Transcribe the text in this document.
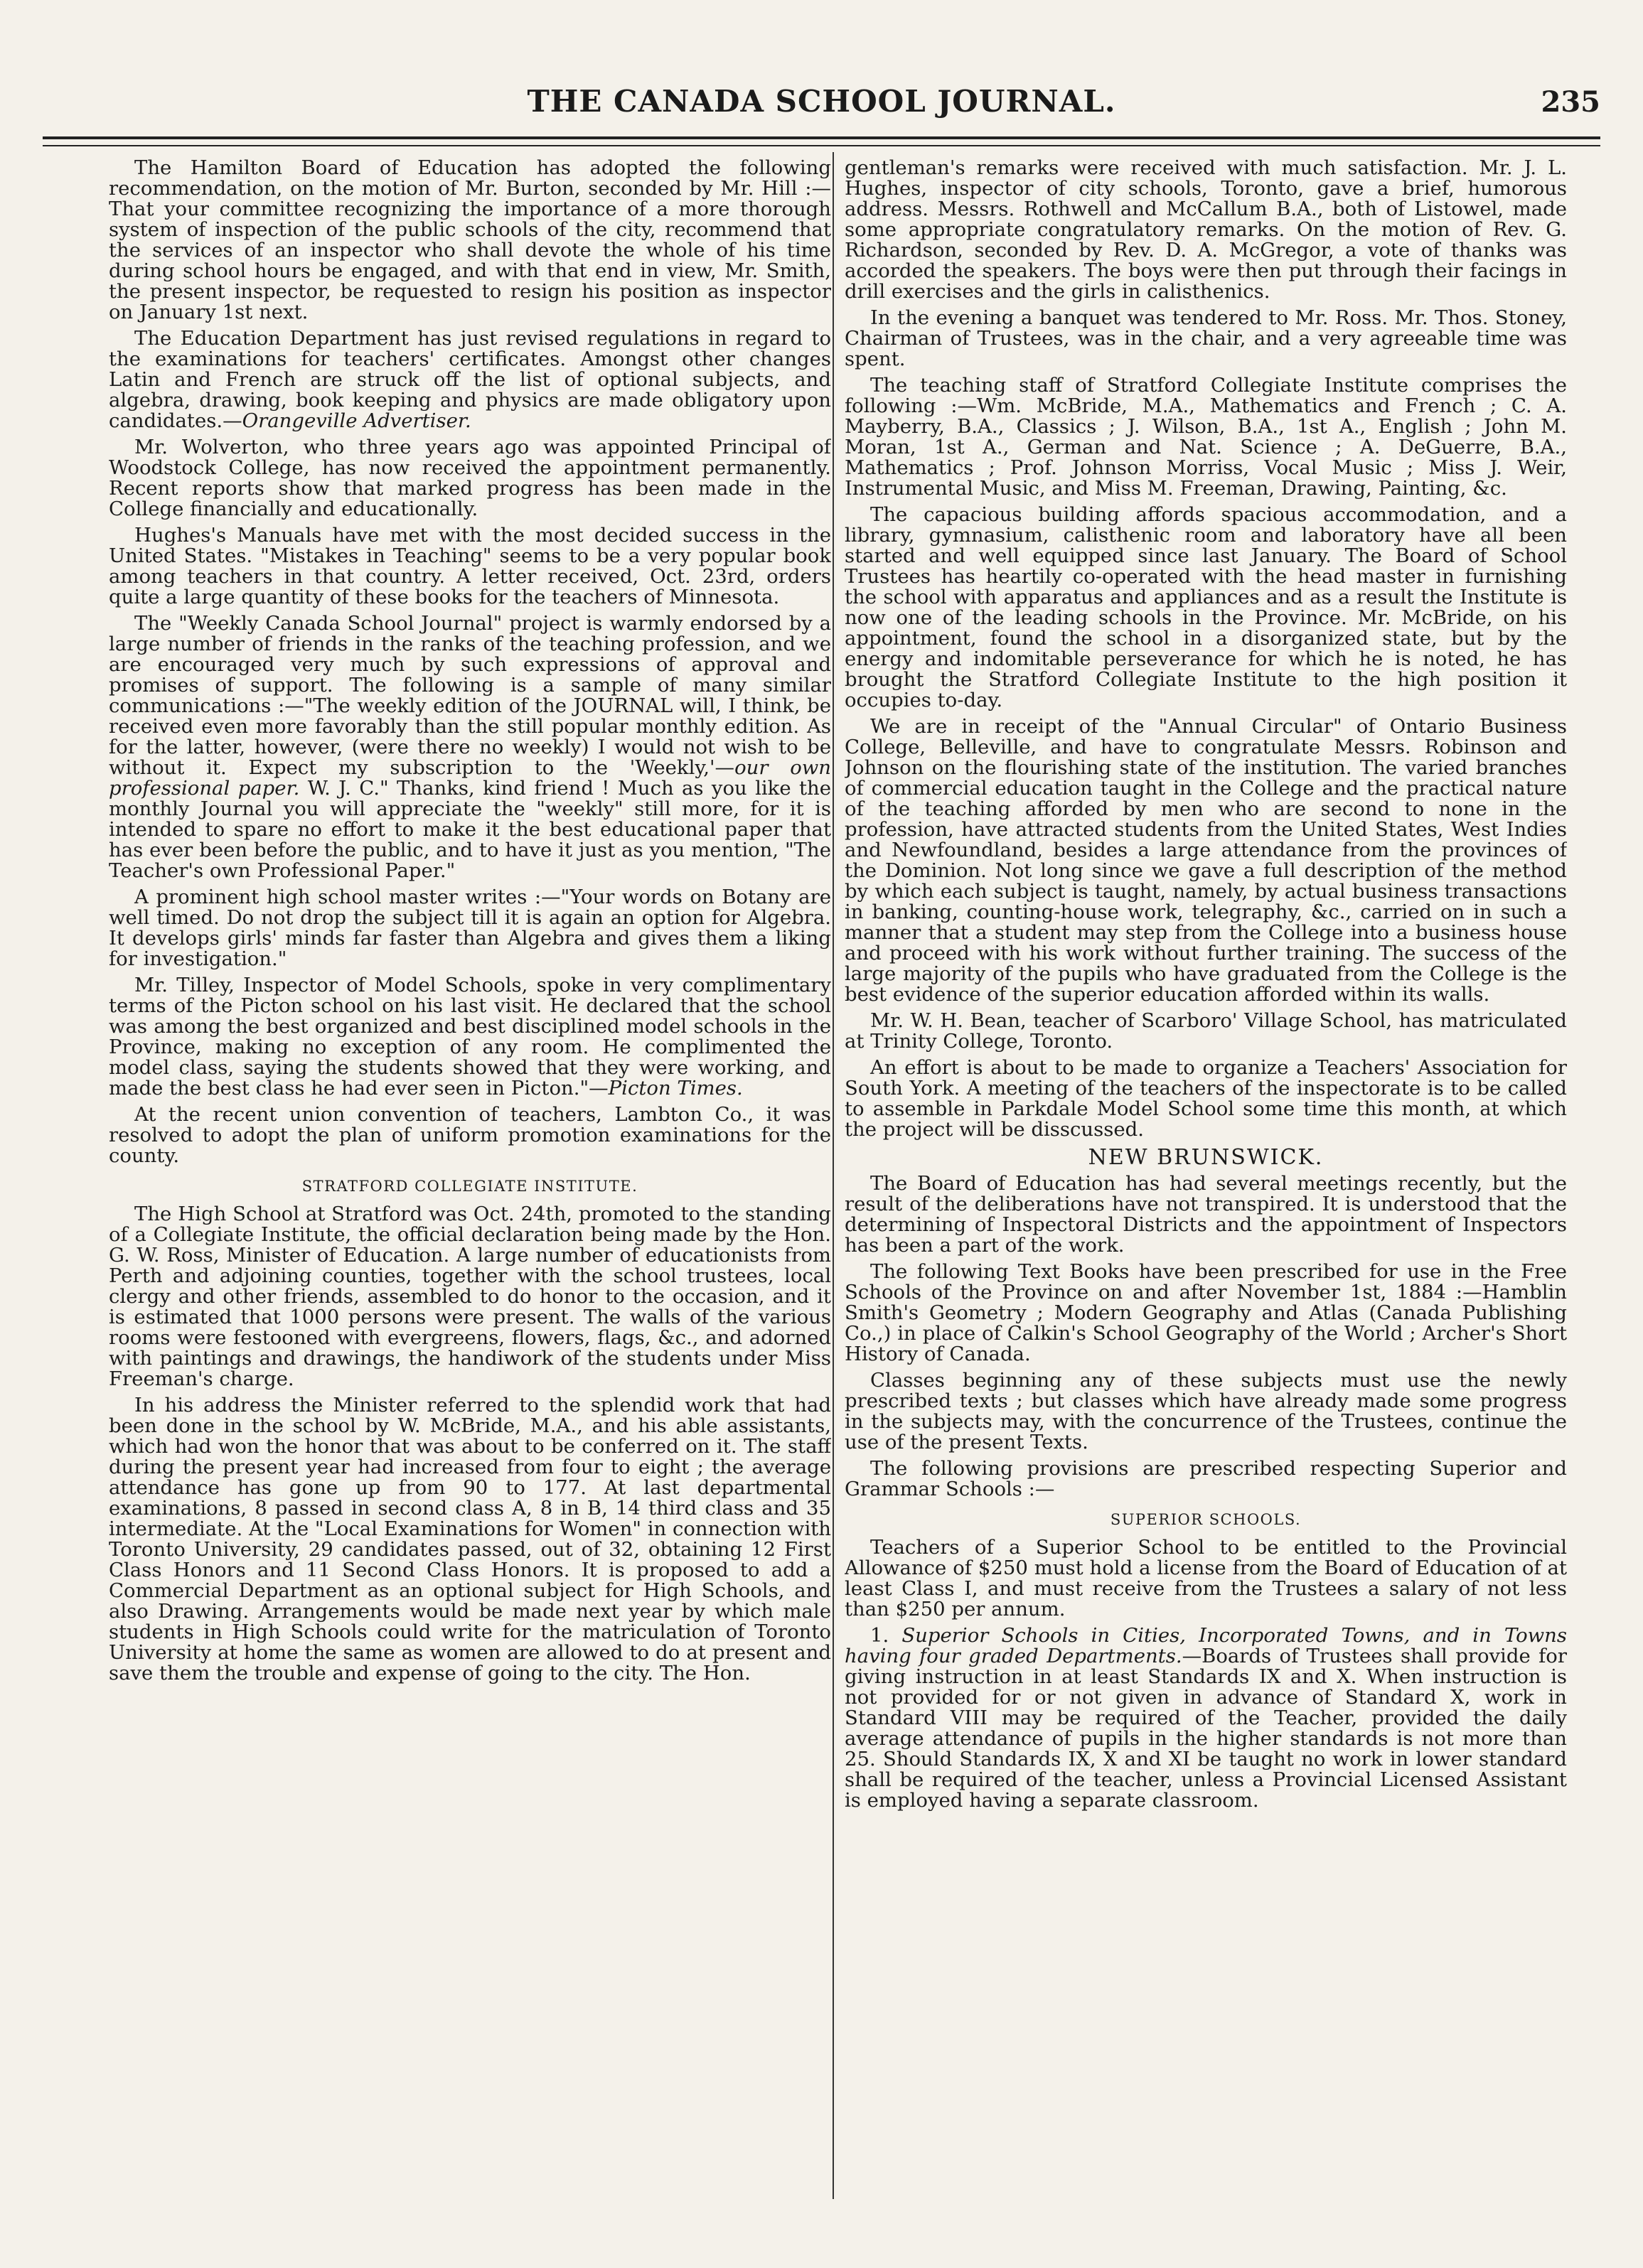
THE CANADA SCHOOL JOURNAL.	235

The Hamilton Board of Education has adopted the following recommendation, on the motion of Mr. Burton, seconded by Mr. Hill :—That your committee recognizing the importance of a more thorough system of inspection of the public schools of the city, recommend that the services of an inspector who shall devote the whole of his time during school hours be engaged, and with that end in view, Mr. Smith, the present inspector, be requested to resign his position as inspector on January 1st next.

The Education Department has just revised regulations in regard to the examinations for teachers' certificates. Amongst other changes Latin and French are struck off the list of optional subjects, and algebra, drawing, book keeping and physics are made obligatory upon candidates.—Orangeville Advertiser.

Mr. Wolverton, who three years ago was appointed Principal of Woodstock College, has now received the appointment permanently. Recent reports show that marked progress has been made in the College financially and educationally.

Hughes's Manuals have met with the most decided success in the United States. "Mistakes in Teaching" seems to be a very popular book among teachers in that country. A letter received, Oct. 23rd, orders quite a large quantity of these books for the teachers of Minnesota.

The "Weekly Canada School Journal" project is warmly endorsed by a large number of friends in the ranks of the teaching profession, and we are encouraged very much by such expressions of approval and promises of support. The following is a sample of many similar communications :—"The weekly edition of the JOURNAL will, I think, be received even more favorably than the still popular monthly edition. As for the latter, however, (were there no weekly) I would not wish to be without it. Expect my subscription to the 'Weekly,'—our own professional paper. W. J. C." Thanks, kind friend ! Much as you like the monthly Journal you will appreciate the "weekly" still more, for it is intended to spare no effort to make it the best educational paper that has ever been before the public, and to have it just as you mention, "The Teacher's own Professional Paper."

A prominent high school master writes :—"Your words on Botany are well timed. Do not drop the subject till it is again an option for Algebra. It develops girls' minds far faster than Algebra and gives them a liking for investigation."

Mr. Tilley, Inspector of Model Schools, spoke in very complimentary terms of the Picton school on his last visit. He declared that the school was among the best organized and best disciplined model schools in the Province, making no exception of any room. He complimented the model class, saying the students showed that they were working, and made the best class he had ever seen in Picton."—Picton Times.

At the recent union convention of teachers, Lambton Co., it was resolved to adopt the plan of uniform promotion examinations for the county.

STRATFORD COLLEGIATE INSTITUTE.

The High School at Stratford was Oct. 24th, promoted to the standing of a Collegiate Institute, the official declaration being made by the Hon. G. W. Ross, Minister of Education. A large number of educationists from Perth and adjoining counties, together with the school trustees, local clergy and other friends, assembled to do honor to the occasion, and it is estimated that 1000 persons were present. The walls of the various rooms were festooned with evergreens, flowers, flags, &c., and adorned with paintings and drawings, the handiwork of the students under Miss Freeman's charge.

In his address the Minister referred to the splendid work that had been done in the school by W. McBride, M.A., and his able assistants, which had won the honor that was about to be conferred on it. The staff during the present year had increased from four to eight ; the average attendance has gone up from 90 to 177. At last departmental examinations, 8 passed in second class A, 8 in B, 14 third class and 35 intermediate. At the "Local Examinations for Women" in connection with Toronto University, 29 candidates passed, out of 32, obtaining 12 First Class Honors and 11 Second Class Honors. It is proposed to add a Commercial Department as an optional subject for High Schools, and also Drawing. Arrangements would be made next year by which male students in High Schools could write for the matriculation of Toronto University at home the same as women are allowed to do at present and save them the trouble and expense of going to the city. The Hon.

gentleman's remarks were received with much satisfaction. Mr. J. L. Hughes, inspector of city schools, Toronto, gave a brief, humorous address. Messrs. Rothwell and McCallum B.A., both of Listowel, made some appropriate congratulatory remarks. On the motion of Rev. G. Richardson, seconded by Rev. D. A. McGregor, a vote of thanks was accorded the speakers. The boys were then put through their facings in drill exercises and the girls in calisthenics.

In the evening a banquet was tendered to Mr. Ross. Mr. Thos. Stoney, Chairman of Trustees, was in the chair, and a very agreeable time was spent.

The teaching staff of Stratford Collegiate Institute comprises the following :—Wm. McBride, M.A., Mathematics and French ; C. A. Mayberry, B.A., Classics ; J. Wilson, B.A., 1st A., English ; John M. Moran, 1st A., German and Nat. Science ; A. DeGuerre, B.A., Mathematics ; Prof. Johnson Morriss, Vocal Music ; Miss J. Weir, Instrumental Music, and Miss M. Freeman, Drawing, Painting, &c.

The capacious building affords spacious accommodation, and a library, gymnasium, calisthenic room and laboratory have all been started and well equipped since last January. The Board of School Trustees has heartily co-operated with the head master in furnishing the school with apparatus and appliances and as a result the Institute is now one of the leading schools in the Province. Mr. McBride, on his appointment, found the school in a disorganized state, but by the energy and indomitable perseverance for which he is noted, he has brought the Stratford Collegiate Institute to the high position it occupies to-day.

We are in receipt of the "Annual Circular" of Ontario Business College, Belleville, and have to congratulate Messrs. Robinson and Johnson on the flourishing state of the institution. The varied branches of commercial education taught in the College and the practical nature of the teaching afforded by men who are second to none in the profession, have attracted students from the United States, West Indies and Newfoundland, besides a large attendance from the provinces of the Dominion. Not long since we gave a full description of the method by which each subject is taught, namely, by actual business transactions in banking, counting-house work, telegraphy, &c., carried on in such a manner that a student may step from the College into a business house and proceed with his work without further training. The success of the large majority of the pupils who have graduated from the College is the best evidence of the superior education afforded within its walls.

Mr. W. H. Bean, teacher of Scarboro' Village School, has matriculated at Trinity College, Toronto.

An effort is about to be made to organize a Teachers' Association for South York. A meeting of the teachers of the inspectorate is to be called to assemble in Parkdale Model School some time this month, at which the project will be disscussed.

NEW BRUNSWICK.

The Board of Education has had several meetings recently, but the result of the deliberations have not transpired. It is understood that the determining of Inspectoral Districts and the appointment of Inspectors has been a part of the work.

The following Text Books have been prescribed for use in the Free Schools of the Province on and after November 1st, 1884 :—Hamblin Smith's Geometry ; Modern Geography and Atlas (Canada Publishing Co.,) in place of Calkin's School Geography of the World ; Archer's Short History of Canada.

Classes beginning any of these subjects must use the newly prescribed texts ; but classes which have already made some progress in the subjects may, with the concurrence of the Trustees, continue the use of the present Texts.

The following provisions are prescribed respecting Superior and Grammar Schools :—

SUPERIOR SCHOOLS.

Teachers of a Superior School to be entitled to the Provincial Allowance of $250 must hold a license from the Board of Education of at least Class I, and must receive from the Trustees a salary of not less than $250 per annum.

1. Superior Schools in Cities, Incorporated Towns, and in Towns having four graded Departments.—Boards of Trustees shall provide for giving instruction in at least Standards IX and X. When instruction is not provided for or not given in advance of Standard X, work in Standard VIII may be required of the Teacher, provided the daily average attendance of pupils in the higher standards is not more than 25. Should Standards IX, X and XI be taught no work in lower standard shall be required of the teacher, unless a Provincial Licensed Assistant is employed having a separate classroom.
